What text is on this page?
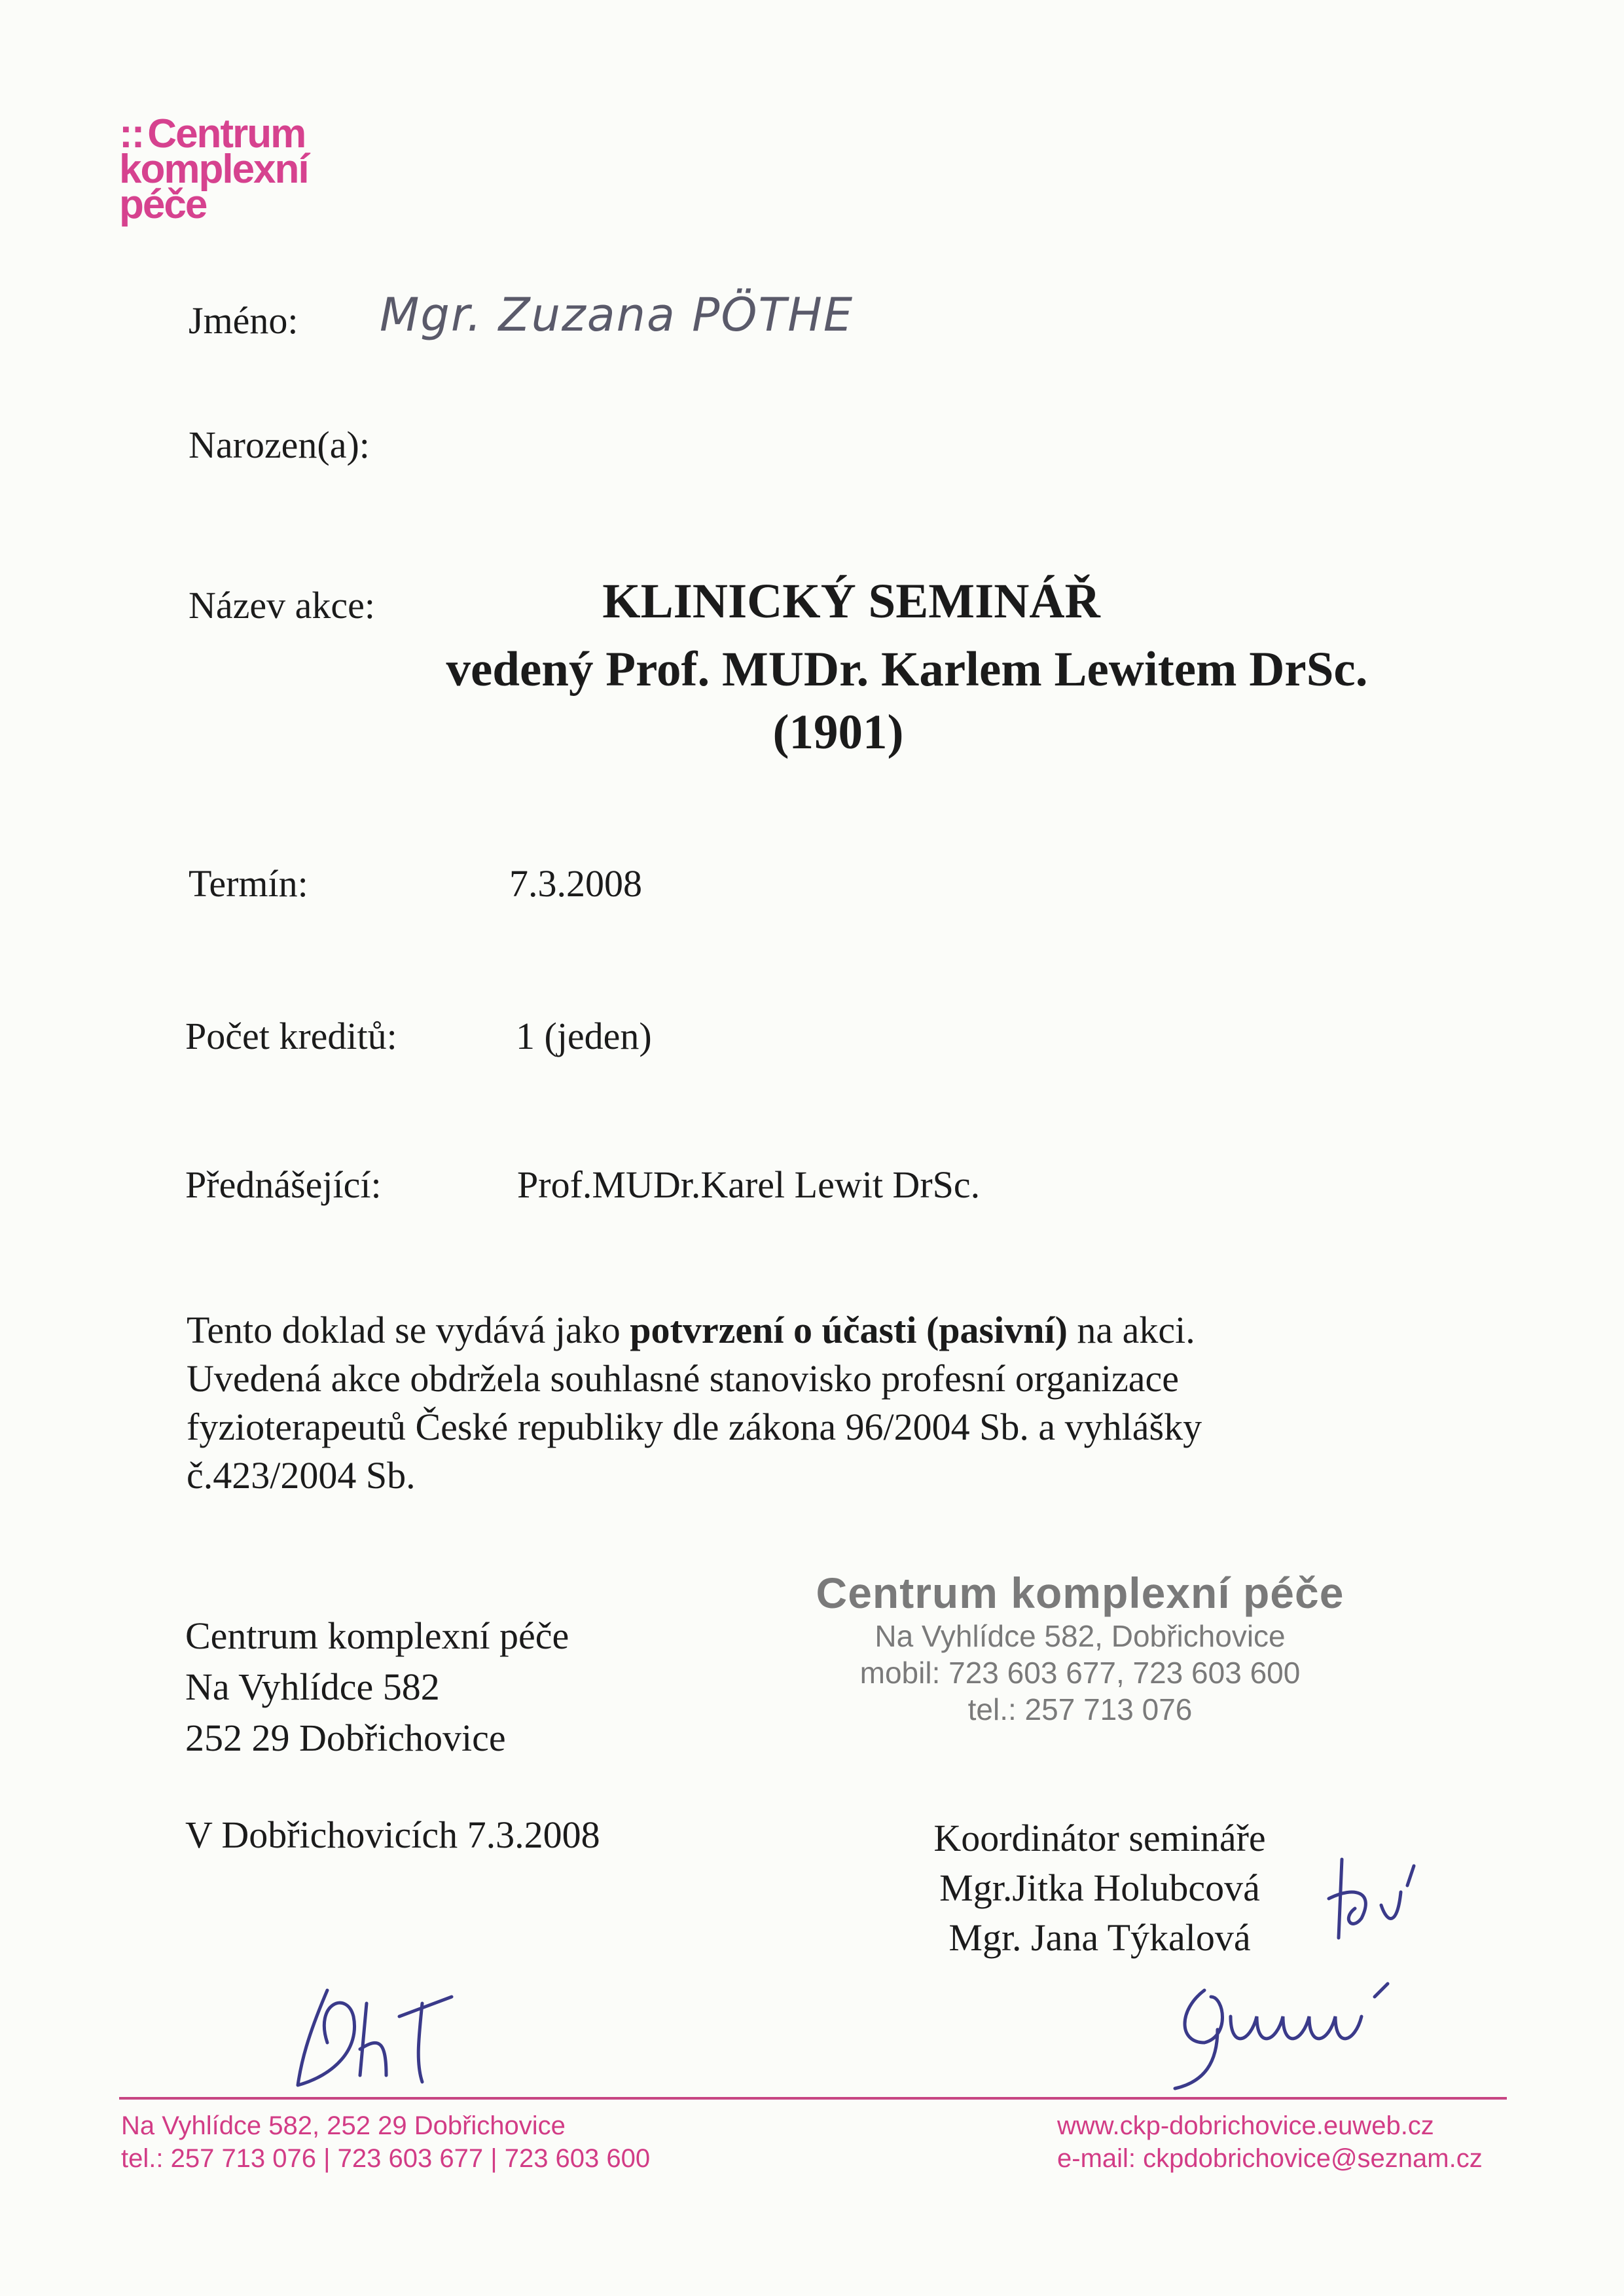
::Centrum
komplexní
péče
Jméno: Mgr. Zuzana PÖTHE
Narozen(a):
Název akce:	KLINICKÝ SEMINÁŘ
vedený Prof. MUDr. Karlem Lewitem DrSc.
(1901)
Termín:	7.3.2008
Počet kreditů:	1 (jeden)
Přednášející:	Prof.MUDr.Karel Lewit DrSc.
Tento doklad se vydává jako potvrzení o účasti (pasivní) na akci.
Uvedená akce obdržela souhlasné stanovisko profesní organizace
fyzioterapeutů České republiky dle zákona 96/2004 Sb. a vyhlášky
č.423/2004 Sb.
Centrum komplexní péče
Na Vyhlídce 582
252 29 Dobřichovice
Centrum komplexní péče
Na Vyhlídce 582, Dobřichovice
mobil: 723 603 677, 723 603 600
tel.: 257 713 076
V Dobřichovicích 7.3.2008	Koordinátor semináře
Mgr.Jitka Holubcová
Mgr. Jana Týkalová
Na Vyhlídce 582, 252 29 Dobřichovice
tel.: 257 713 076 | 723 603 677 | 723 603 600
www.ckp-dobrichovice.euweb.cz
e-mail: ckpdobrichovice@seznam.cz
